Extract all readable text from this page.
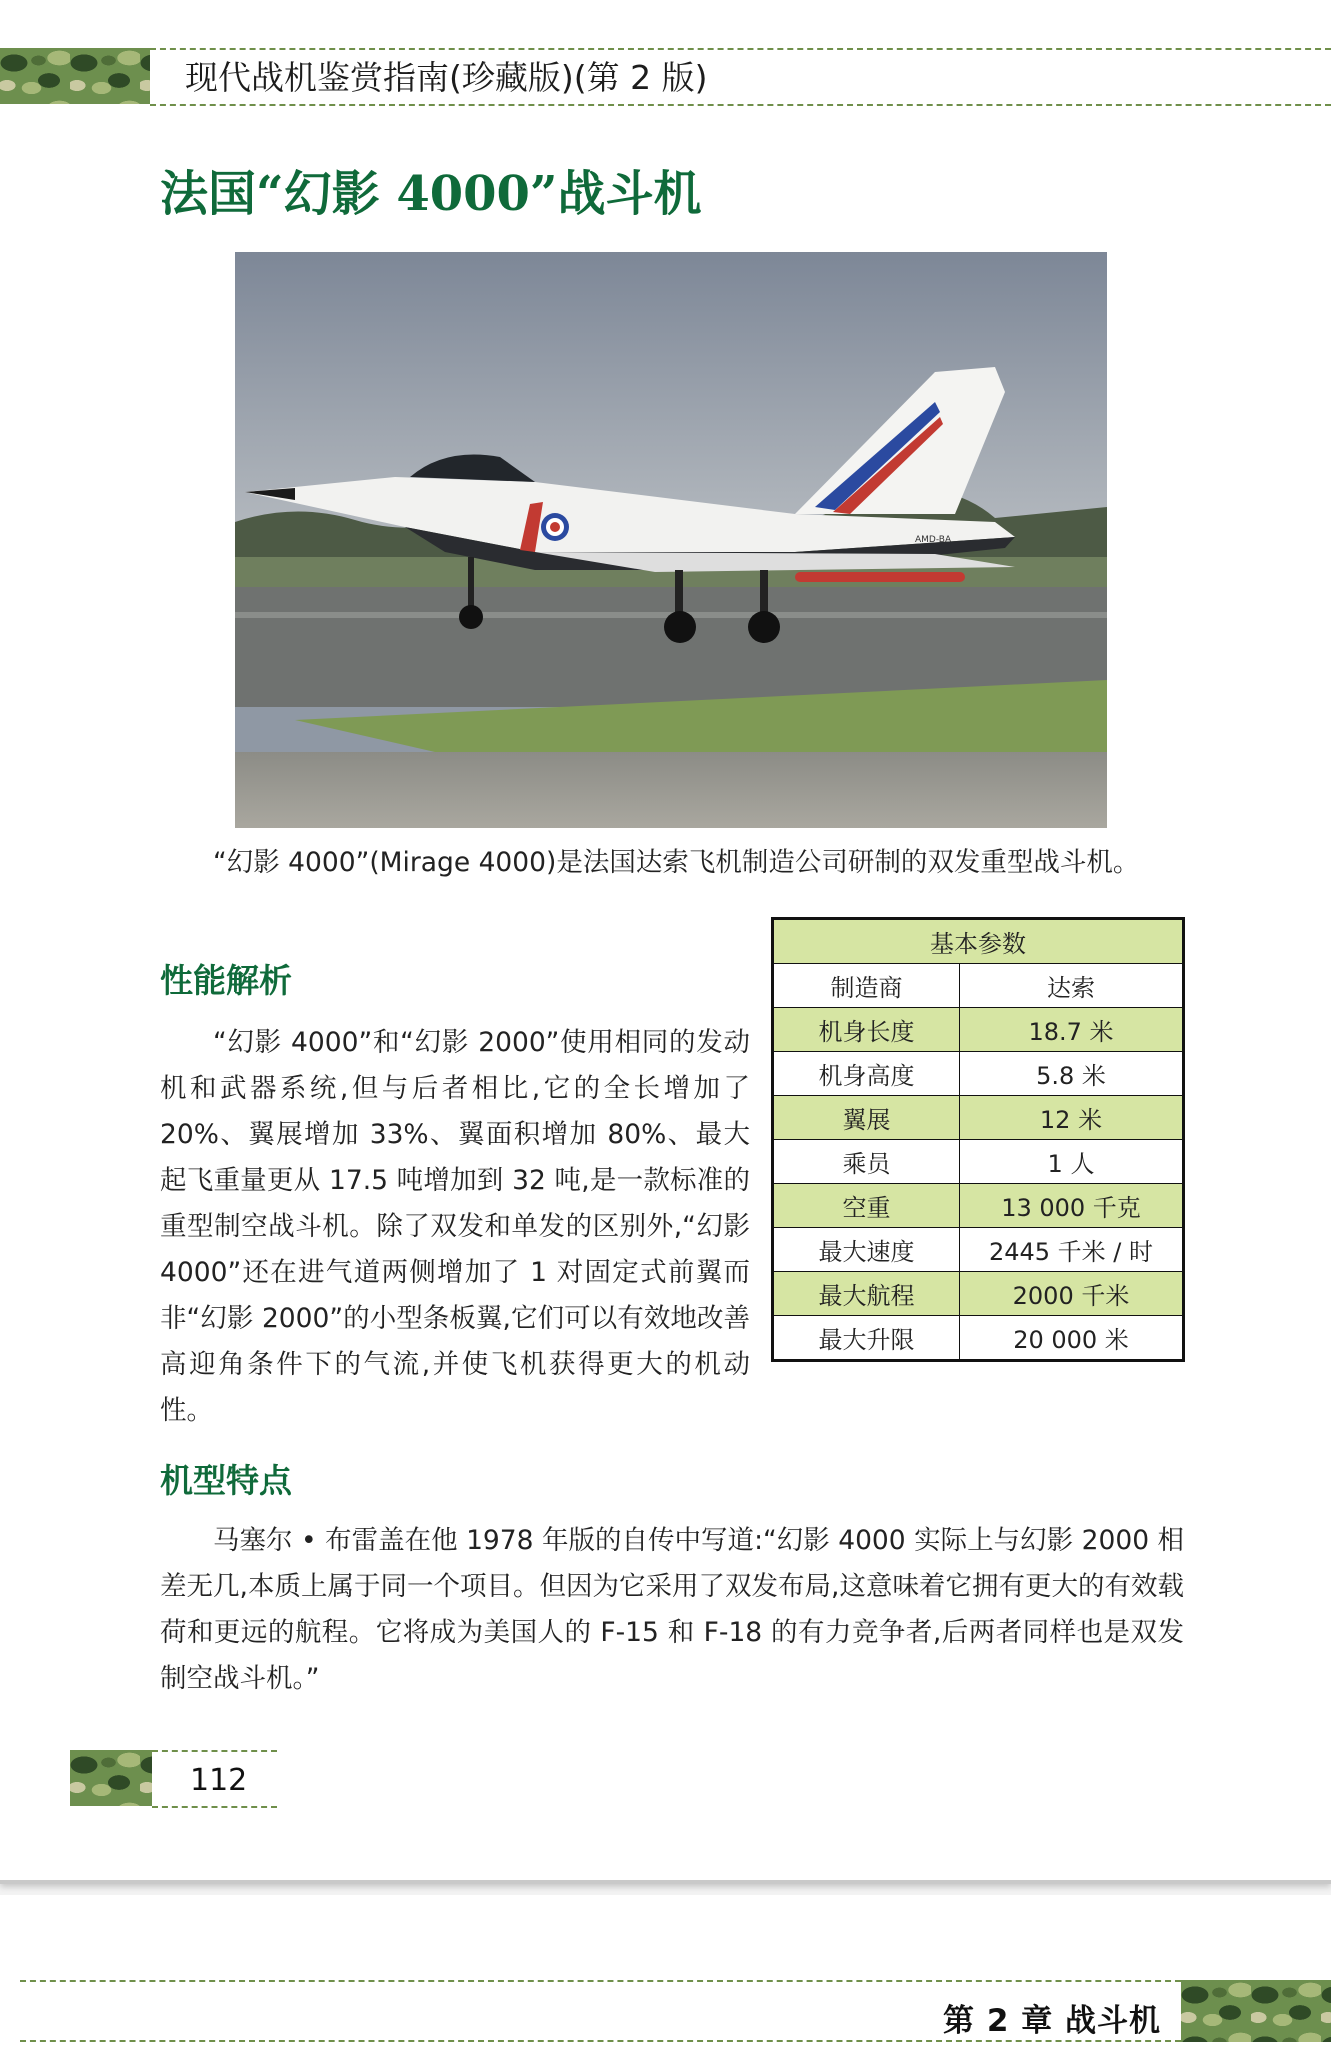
现代战机鉴赏指南(珍藏版)(第 2 版)
法国“幻影 4000”战斗机
AMD-BA

“幻影 4000”(Mirage 4000)是法国达索飞机制造公司研制的双发重型战斗机。

性能解析

“幻影 4000”和“幻影 2000”使用相同的发动机和武器系统,但与后者相比,它的全长增加了 20%、翼展增加 33%、翼面积增加 80%、最大起飞重量更从 17.5 吨增加到 32 吨,是一款标准的重型制空战斗机。除了双发和单发的区别外,“幻影 4000”还在进气道两侧增加了 1 对固定式前翼而非“幻影 2000”的小型条板翼,它们可以有效地改善高迎角条件下的气流,并使飞机获得更大的机动性。

基本参数	
制造商	达索
机身长度	18.7 米
机身高度	5.8 米
翼展	12 米
乘员	1 人
空重	13 000 千克
最大速度	2445 千米 / 时
最大航程	2000 千米
最大升限	20 000 米
机型特点

马塞尔 • 布雷盖在他 1978 年版的自传中写道:“幻影 4000 实际上与幻影 2000 相差无几,本质上属于同一个项目。但因为它采用了双发布局,这意味着它拥有更大的有效载荷和更远的航程。它将成为美国人的 F-15 和 F-18 的有力竞争者,后两者同样也是双发制空战斗机。”

112
第 2 章 战斗机
